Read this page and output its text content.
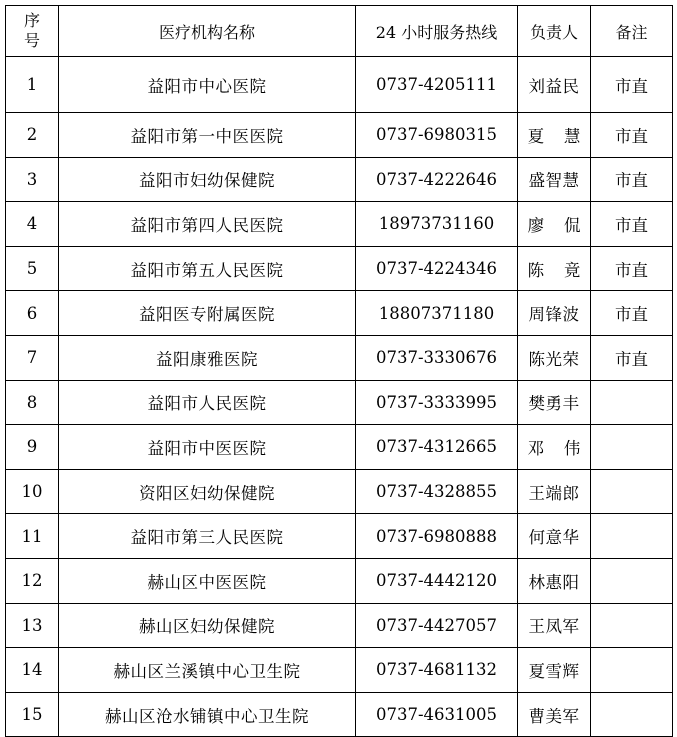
序号	医疗机构名称	24 小时服务热线	负责人	备注
1	益阳市中心医院	0737-4205111	刘益民	市直
2	益阳市第一中医医院	0737-6980315	夏慧	市直
3	益阳市妇幼保健院	0737-4222646	盛智慧	市直
4	益阳市第四人民医院	18973731160	廖侃	市直
5	益阳市第五人民医院	0737-4224346	陈竟	市直
6	益阳医专附属医院	18807371180	周锋波	市直
7	益阳康雅医院	0737-3330676	陈光荣	市直
8	益阳市人民医院	0737-3333995	樊勇丰	
9	益阳市中医医院	0737-4312665	邓伟	
10	资阳区妇幼保健院	0737-4328855	王端郎	
11	益阳市第三人民医院	0737-6980888	何意华	
12	赫山区中医医院	0737-4442120	林惠阳	
13	赫山区妇幼保健院	0737-4427057	王凤军	
14	赫山区兰溪镇中心卫生院	0737-4681132	夏雪辉	
15	赫山区沧水铺镇中心卫生院	0737-4631005	曹美军	
